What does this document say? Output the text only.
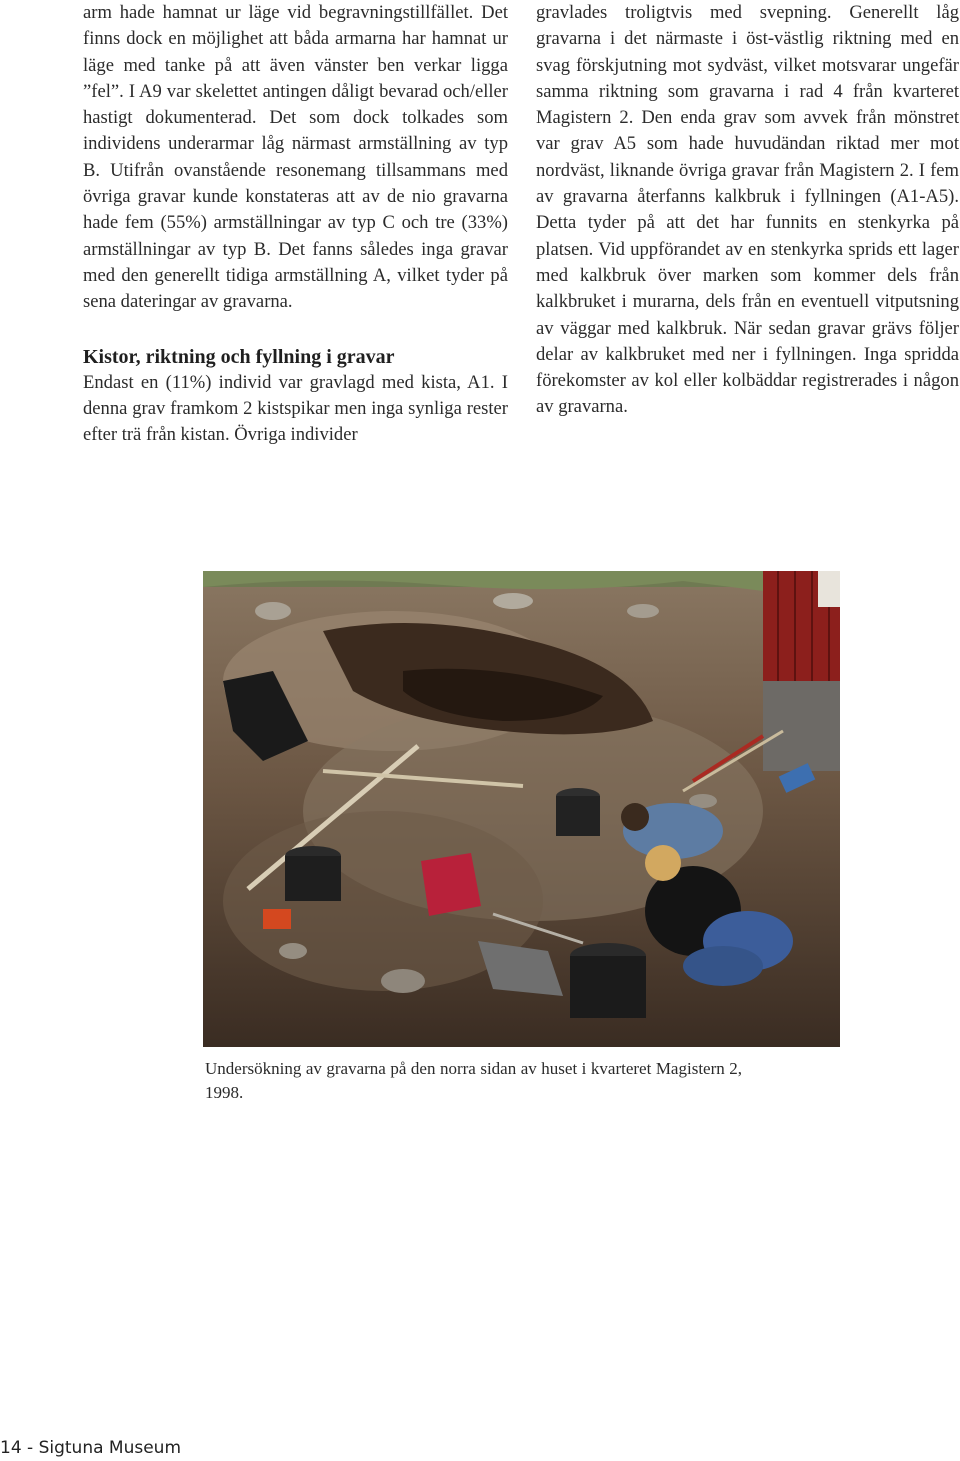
arm hade hamnat ur läge vid begravningstillfället. Det finns dock en möjlighet att båda armarna har hamnat ur läge med tanke på att även vänster ben verkar ligga ”fel”. I A9 var skelettet antingen dåligt bevarad och/eller hastigt dokumenterad. Det som dock tolkades som individens underarmar låg närmast armställning av typ B. Utifrån ovanstående resonemang tillsammans med övriga gravar kunde konstateras att av de nio gravarna hade fem (55%) armställningar av typ C och tre (33%) armställningar av typ B. Det fanns således inga gravar med den generellt tidiga armställning A, vilket tyder på sena dateringar av gravarna.

Kistor, riktning och fyllning i gravar

Endast en (11%) individ var gravlagd med kista, A1. I denna grav framkom 2 kistspikar men inga synliga rester efter trä från kistan. Övriga individer

gravlades troligtvis med svepning. Generellt låg gravarna i det närmaste i öst-västlig riktning med en svag förskjutning mot sydväst, vilket motsvarar ungefär samma riktning som gravarna i rad 4 från kvarteret Magistern 2. Den enda grav som avvek från mönstret var grav A5 som hade huvudändan riktad mer mot nordväst, liknande övriga gravar från Magistern 2. I fem av gravarna återfanns kalkbruk i fyllningen (A1-A5). Detta tyder på att det har funnits en stenkyrka på platsen. Vid uppförandet av en stenkyrka sprids ett lager med kalkbruk över marken som kommer dels från kalkbruket i murarna, dels från en eventuell vitputsning av väggar med kalkbruk. När sedan gravar grävs följer delar av kalkbruket med ner i fyllningen. Inga spridda förekomster av kol eller kolbäddar registrerades i någon av gravarna.

Undersökning av gravarna på den norra sidan av huset i kvarteret Magistern 2, 1998.
14 - Sigtuna Museum
